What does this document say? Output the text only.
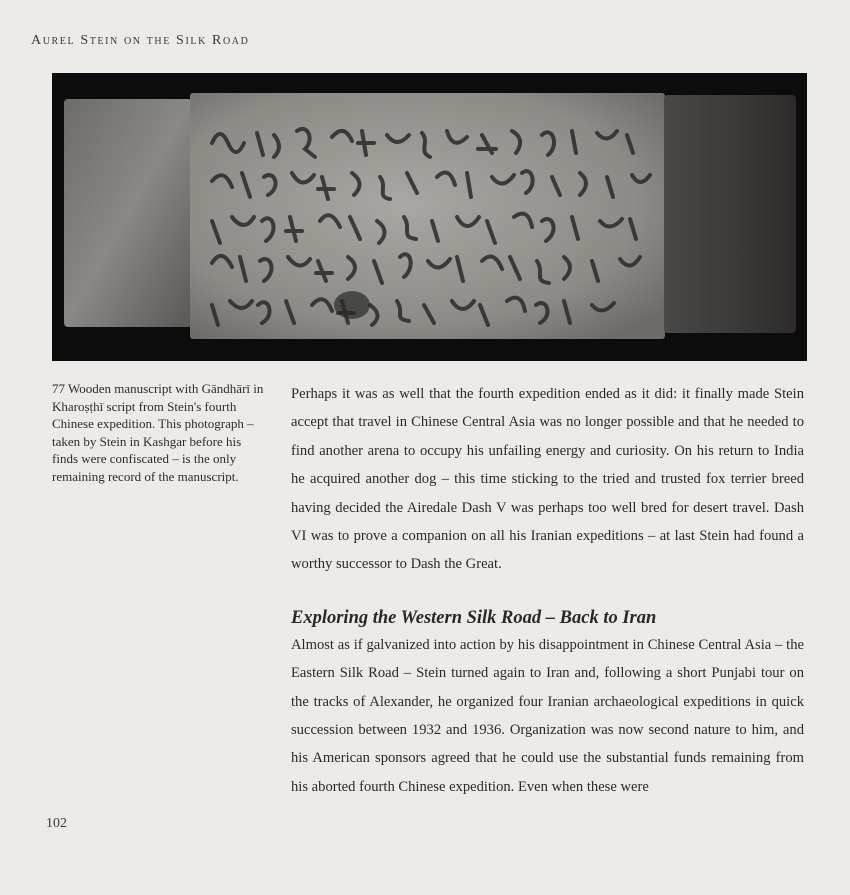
Aurel Stein on the Silk Road

77 Wooden manuscript with Gāndhārī in Kharoṣṭhī script from Stein's fourth Chinese expedition. This photograph – taken by Stein in Kashgar before his finds were confiscated – is the only remaining record of the manuscript.

Perhaps it was as well that the fourth expedition ended as it did: it finally made Stein accept that travel in Chinese Central Asia was no longer possible and that he needed to find another arena to occupy his unfailing energy and curiosity. On his return to India he acquired another dog – this time sticking to the tried and trusted fox terrier breed having decided the Airedale Dash V was perhaps too well bred for desert travel. Dash VI was to prove a companion on all his Iranian expeditions – at last Stein had found a worthy successor to Dash the Great.

Exploring the Western Silk Road – Back to Iran

Almost as if galvanized into action by his disappointment in Chinese Central Asia – the Eastern Silk Road – Stein turned again to Iran and, following a short Punjabi tour on the tracks of Alexander, he organized four Iranian archaeological expeditions in quick succession between 1932 and 1936. Organization was now second nature to him, and his American sponsors agreed that he could use the substantial funds remaining from his aborted fourth Chinese expedition. Even when these were

102
